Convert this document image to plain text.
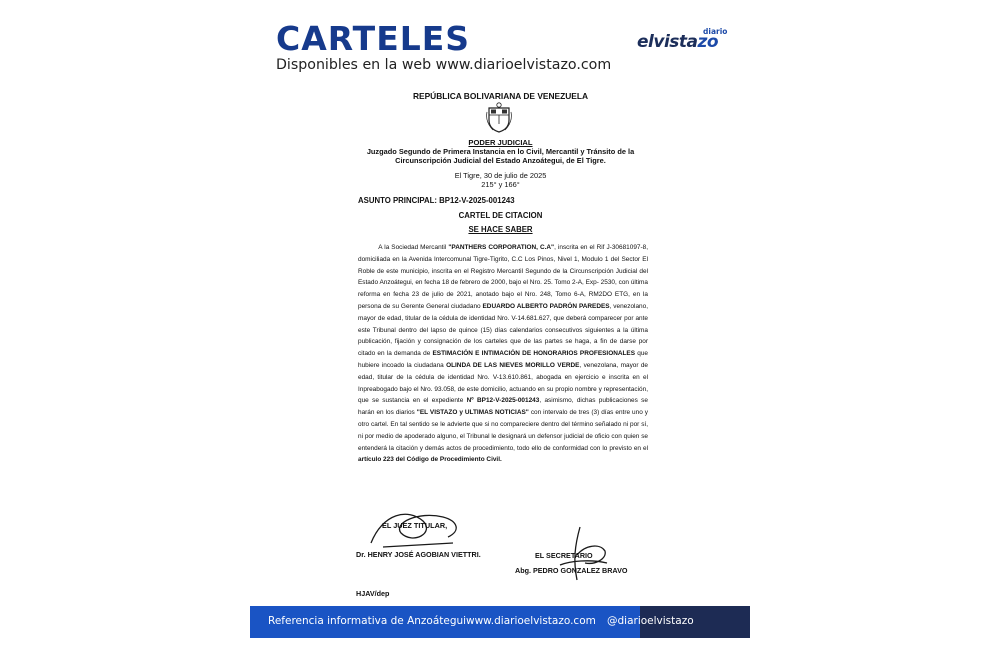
CARTELES
Disponibles en la web www.diarioelvistazo.com
diario
elvistazo
REPÚBLICA BOLIVARIANA DE VENEZUELA
PODER JUDICIAL
Juzgado Segundo de Primera Instancia en lo Civil, Mercantil y Tránsito de la
Circunscripción Judicial del Estado Anzoátegui, de El Tigre.
El Tigre, 30 de julio de 2025
215° y 166°
ASUNTO PRINCIPAL: BP12-V-2025-001243
CARTEL DE CITACION
SE HACE SABER
A la Sociedad Mercantil "PANTHERS CORPORATION, C.A", inscrita en el Rif J-30681097-8, domiciliada en la Avenida Intercomunal Tigre-Tigrito, C.C Los Pinos, Nivel 1, Modulo 1 del Sector El Roble de este municipio, inscrita en el Registro Mercantil Segundo de la Circunscripción Judicial del Estado Anzoátegui, en fecha 18 de febrero de 2000, bajo el Nro. 25. Tomo 2-A, Exp- 2530, con última reforma en fecha 23 de julio de 2021, anotado bajo el Nro. 248, Tomo 6-A, RM2DO ETG, en la persona de su Gerente General ciudadano EDUARDO ALBERTO PADRÓN PAREDES, venezolano, mayor de edad, titular de la cédula de identidad Nro. V-14.681.627, que deberá comparecer por ante este Tribunal dentro del lapso de quince (15) días calendarios consecutivos siguientes a la última publicación, fijación y consignación de los carteles que de las partes se haga, a fin de darse por citado en la demanda de ESTIMACIÓN E INTIMACIÓN DE HONORARIOS PROFESIONALES que hubiere incoado la ciudadana OLINDA DE LAS NIEVES MORILLO VERDE, venezolana, mayor de edad, titular de la cédula de identidad Nro. V-13.610.861, abogada en ejercicio e inscrita en el Inpreabogado bajo el Nro. 93.058, de este domicilio, actuando en su propio nombre y representación, que se sustancia en el expediente Nº BP12-V-2025-001243, asimismo, dichas publicaciones se harán en los diarios "EL VISTAZO y ULTIMAS NOTICIAS" con intervalo de tres (3) días entre uno y otro cartel. En tal sentido se le advierte que si no compareciere dentro del término señalado ni por sí, ni por medio de apoderado alguno, el Tribunal le designará un defensor judicial de oficio con quien se entenderá la citación y demás actos de procedimiento, todo ello de conformidad con lo previsto en el artículo 223 del Código de Procedimiento Civil.
EL JUEZ TITULAR,
Dr. HENRY JOSÉ AGOBIAN VIETTRI.	EL SECRETARIO
Abg. PEDRO GONZALEZ BRAVO
HJAV/dep
Referencia informativa de Anzoátegui www.diarioelvistazo.com @diarioelvistazo
